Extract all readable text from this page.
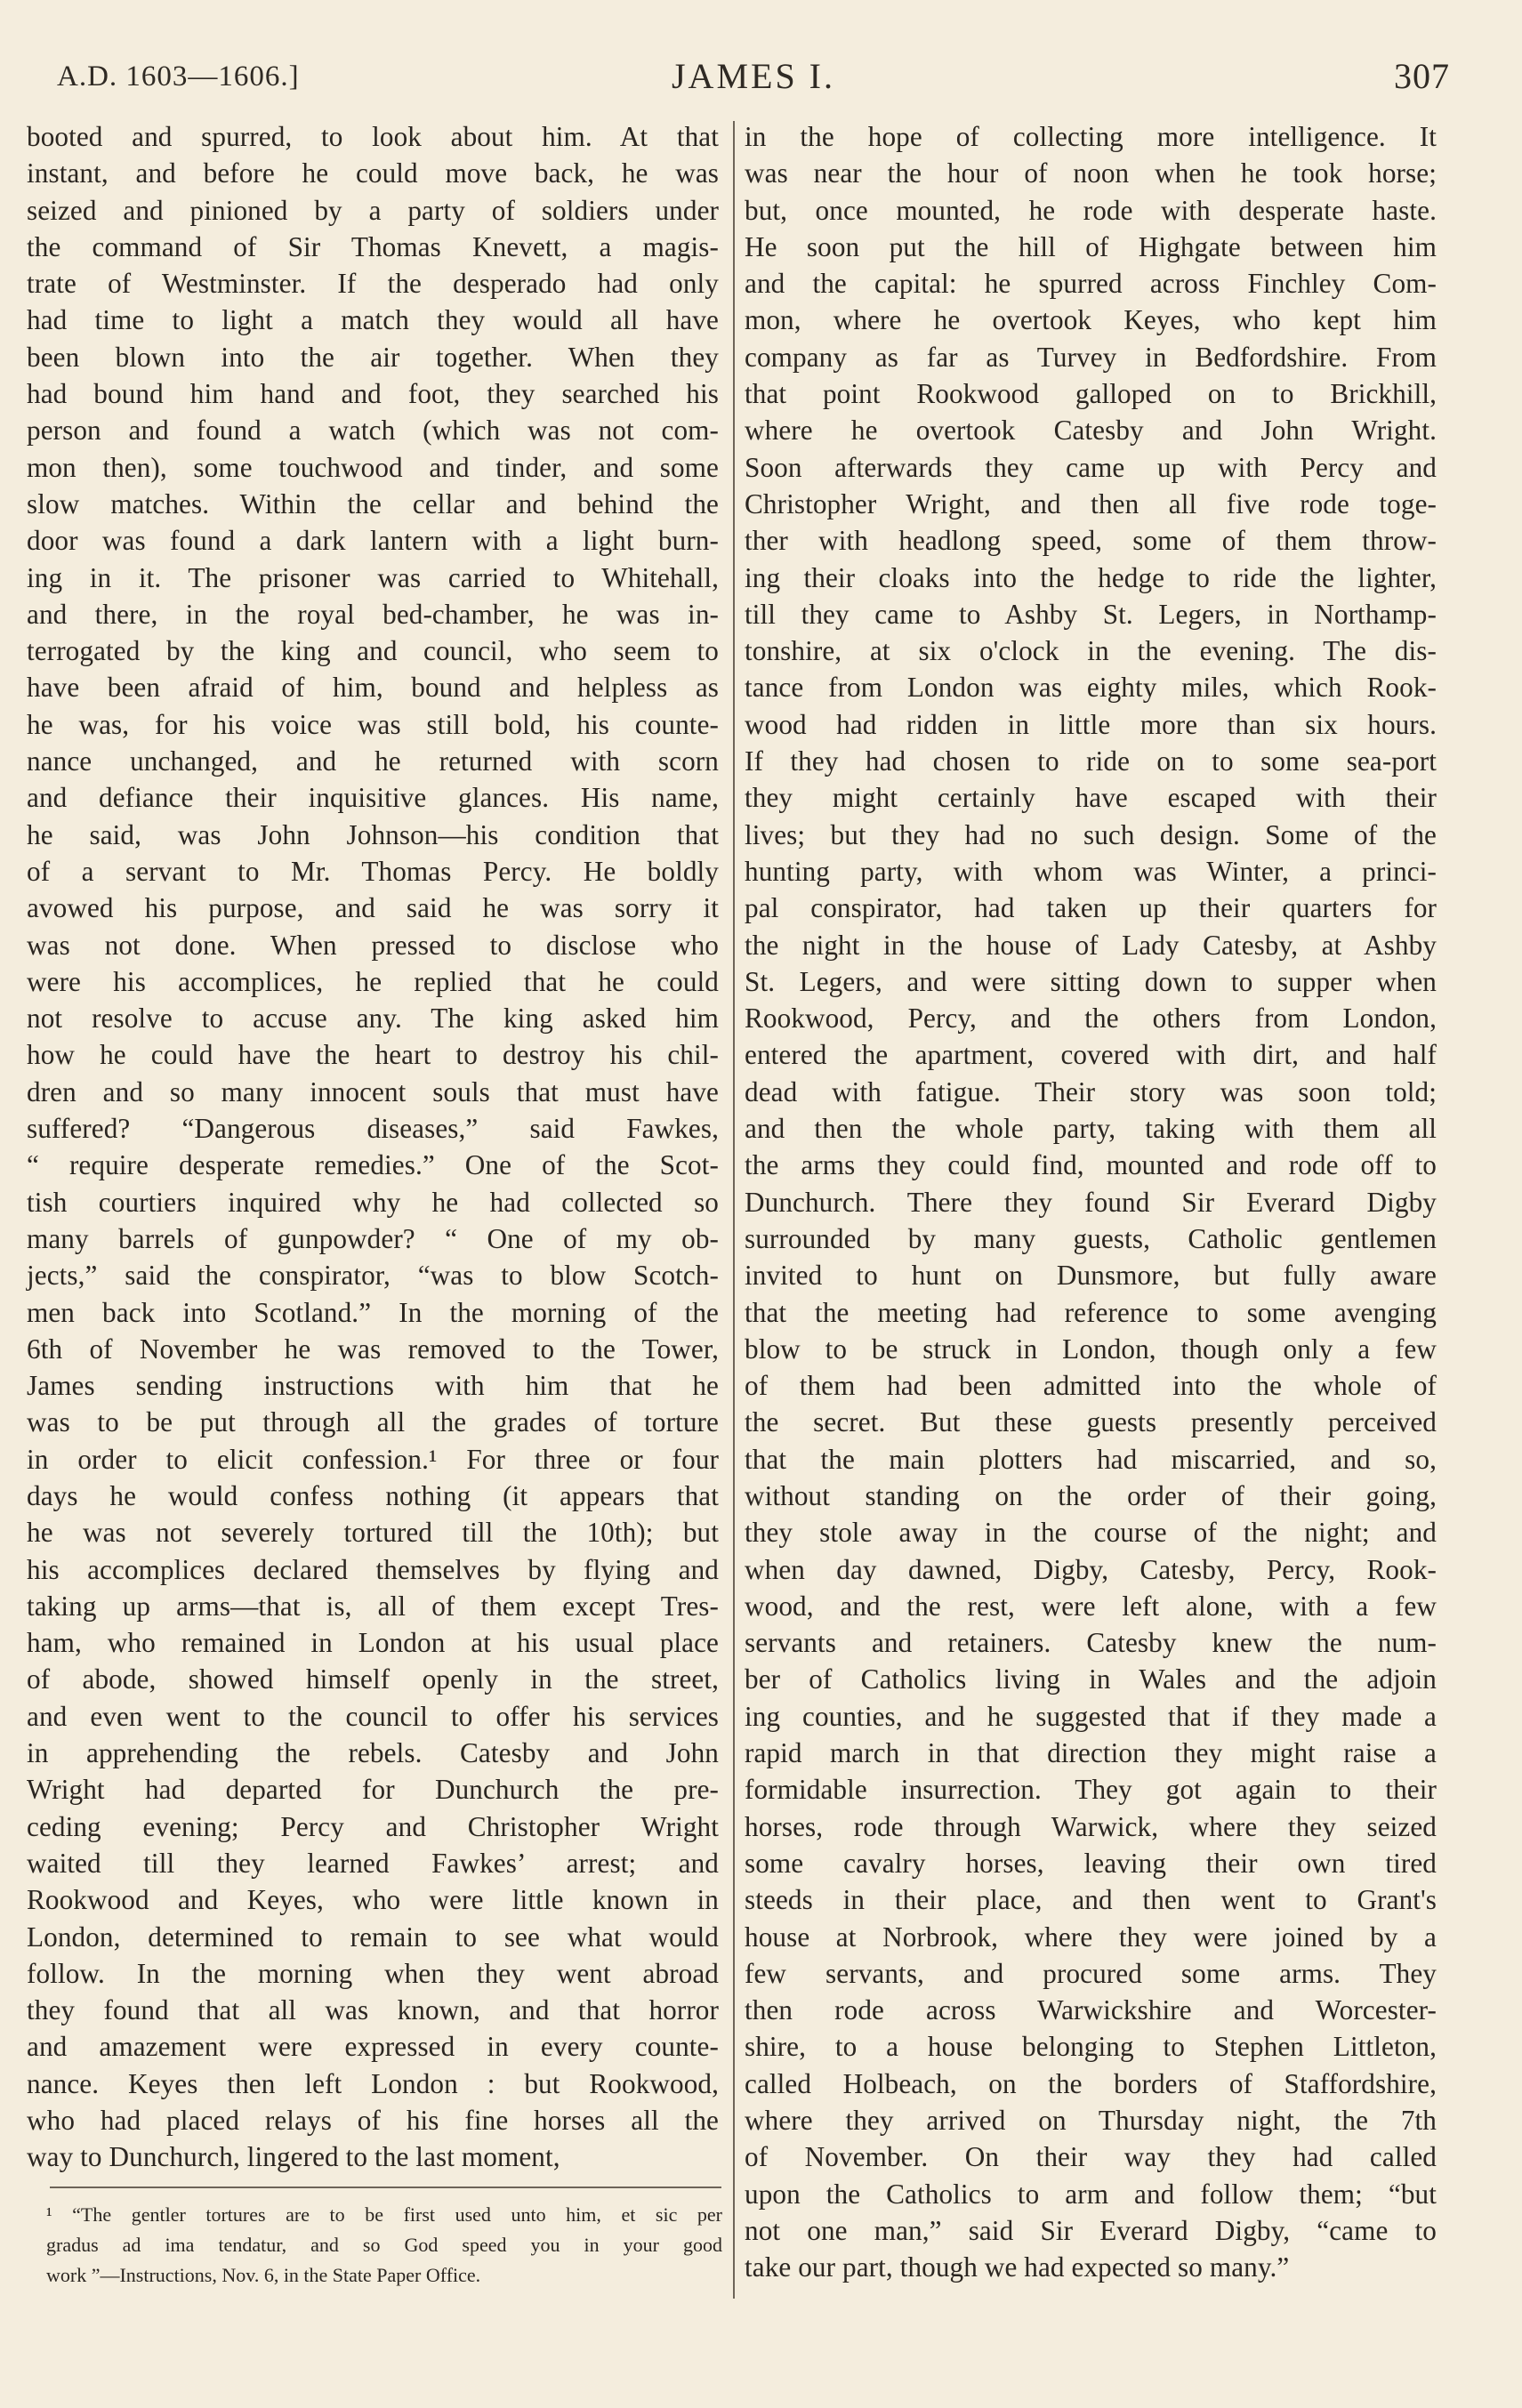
A.D. 1603—1606.]	JAMES I.	307
booted and spurred, to look about him. At that
instant, and before he could move back, he was
seized and pinioned by a party of soldiers under
the command of Sir Thomas Knevett, a magis-
trate of Westminster. If the desperado had only
had time to light a match they would all have
been blown into the air together. When they
had bound him hand and foot, they searched his
person and found a watch (which was not com-
mon then), some touchwood and tinder, and some
slow matches. Within the cellar and behind the
door was found a dark lantern with a light burn-
ing in it. The prisoner was carried to Whitehall,
and there, in the royal bed-chamber, he was in-
terrogated by the king and council, who seem to
have been afraid of him, bound and helpless as
he was, for his voice was still bold, his counte-
nance unchanged, and he returned with scorn
and defiance their inquisitive glances. His name,
he said, was John Johnson—his condition that
of a servant to Mr. Thomas Percy. He boldly
avowed his purpose, and said he was sorry it
was not done. When pressed to disclose who
were his accomplices, he replied that he could
not resolve to accuse any. The king asked him
how he could have the heart to destroy his chil-
dren and so many innocent souls that must have
suffered? “Dangerous diseases,” said Fawkes,
“ require desperate remedies.” One of the Scot-
tish courtiers inquired why he had collected so
many barrels of gunpowder? “ One of my ob-
jects,” said the conspirator, “was to blow Scotch-
men back into Scotland.” In the morning of the
6th of November he was removed to the Tower,
James sending instructions with him that he
was to be put through all the grades of torture
in order to elicit confession.¹ For three or four
days he would confess nothing (it appears that
he was not severely tortured till the 10th); but
his accomplices declared themselves by flying and
taking up arms—that is, all of them except Tres-
ham, who remained in London at his usual place
of abode, showed himself openly in the street,
and even went to the council to offer his services
in apprehending the rebels. Catesby and John
Wright had departed for Dunchurch the pre-
ceding evening; Percy and Christopher Wright
waited till they learned Fawkes’ arrest; and
Rookwood and Keyes, who were little known in
London, determined to remain to see what would
follow. In the morning when they went abroad
they found that all was known, and that horror
and amazement were expressed in every counte-
nance. Keyes then left London : but Rookwood,
who had placed relays of his fine horses all the
way to Dunchurch, lingered to the last moment,
in the hope of collecting more intelligence. It
was near the hour of noon when he took horse;
but, once mounted, he rode with desperate haste.
He soon put the hill of Highgate between him
and the capital: he spurred across Finchley Com-
mon, where he overtook Keyes, who kept him
company as far as Turvey in Bedfordshire. From
that point Rookwood galloped on to Brickhill,
where he overtook Catesby and John Wright.
Soon afterwards they came up with Percy and
Christopher Wright, and then all five rode toge-
ther with headlong speed, some of them throw-
ing their cloaks into the hedge to ride the lighter,
till they came to Ashby St. Legers, in Northamp-
tonshire, at six o'clock in the evening. The dis-
tance from London was eighty miles, which Rook-
wood had ridden in little more than six hours.
If they had chosen to ride on to some sea-port
they might certainly have escaped with their
lives; but they had no such design. Some of the
hunting party, with whom was Winter, a princi-
pal conspirator, had taken up their quarters for
the night in the house of Lady Catesby, at Ashby
St. Legers, and were sitting down to supper when
Rookwood, Percy, and the others from London,
entered the apartment, covered with dirt, and half
dead with fatigue. Their story was soon told;
and then the whole party, taking with them all
the arms they could find, mounted and rode off to
Dunchurch. There they found Sir Everard Digby
surrounded by many guests, Catholic gentlemen
invited to hunt on Dunsmore, but fully aware
that the meeting had reference to some avenging
blow to be struck in London, though only a few
of them had been admitted into the whole of
the secret. But these guests presently perceived
that the main plotters had miscarried, and so,
without standing on the order of their going,
they stole away in the course of the night; and
when day dawned, Digby, Catesby, Percy, Rook-
wood, and the rest, were left alone, with a few
servants and retainers. Catesby knew the num-
ber of Catholics living in Wales and the adjoin
ing counties, and he suggested that if they made a
rapid march in that direction they might raise a
formidable insurrection. They got again to their
horses, rode through Warwick, where they seized
some cavalry horses, leaving their own tired
steeds in their place, and then went to Grant's
house at Norbrook, where they were joined by a
few servants, and procured some arms. They
then rode across Warwickshire and Worcester-
shire, to a house belonging to Stephen Littleton,
called Holbeach, on the borders of Staffordshire,
where they arrived on Thursday night, the 7th
of November. On their way they had called
upon the Catholics to arm and follow them; “but
not one man,” said Sir Everard Digby, “came to
take our part, though we had expected so many.”
¹ “The gentler tortures are to be first used unto him, et sic per
gradus ad ima tendatur, and so God speed you in your good
work ”—Instructions, Nov. 6, in the State Paper Office.
